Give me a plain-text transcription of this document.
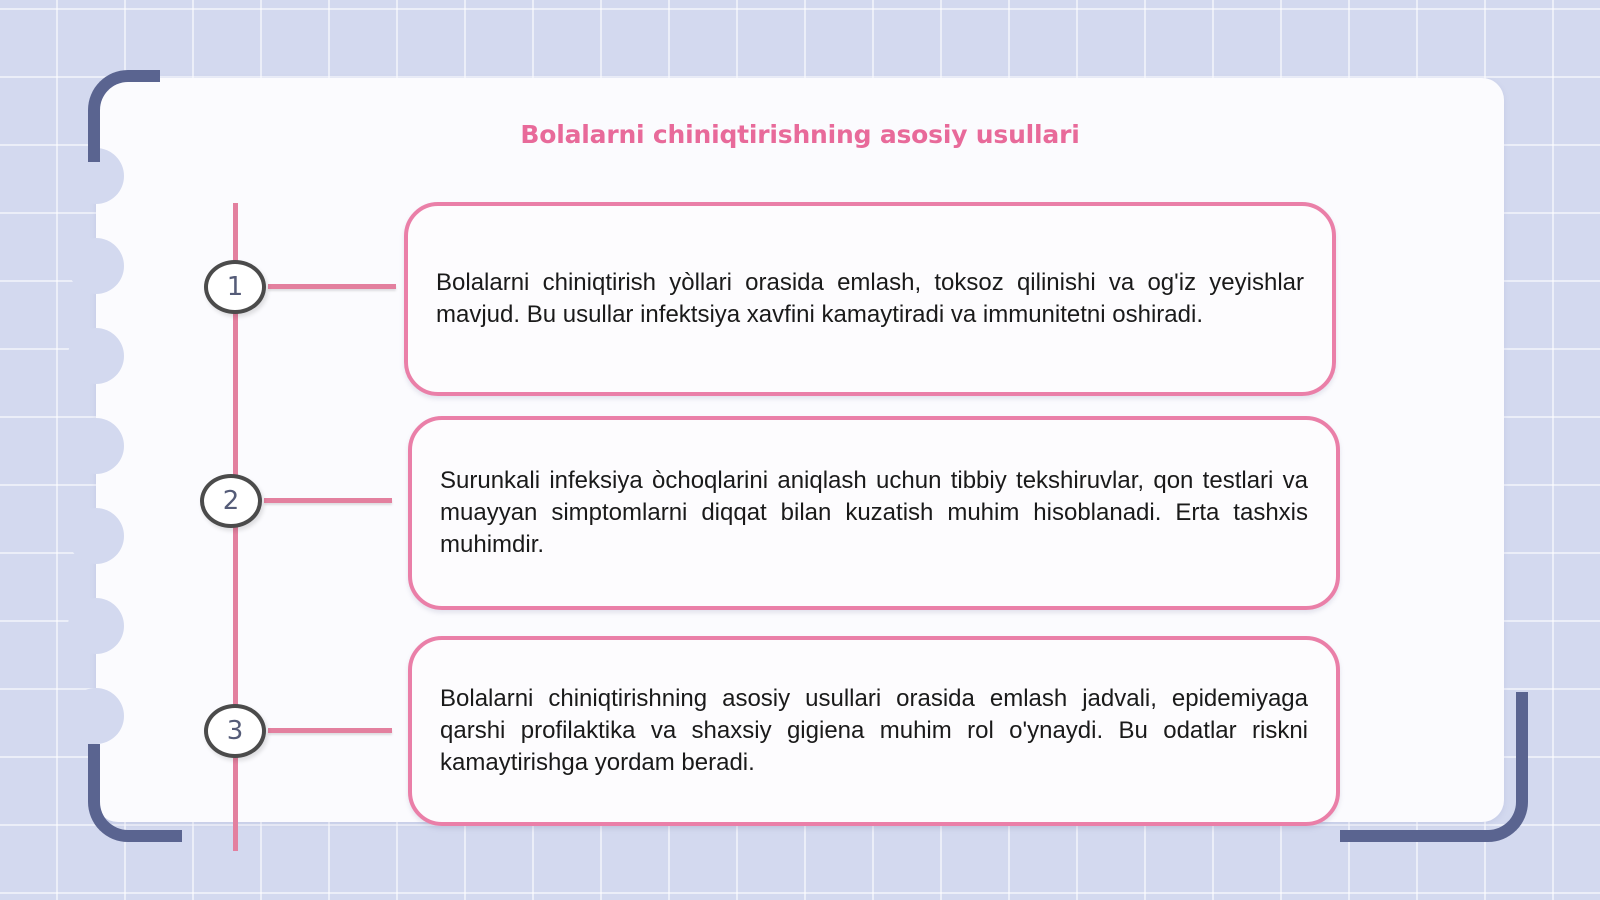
Bolalarni chiniqtirishning asosiy usullari
1	Bolalarni chiniqtirish yòllari orasida emlash, toksoz qilinishi va og'iz yeyishlar mavjud. Bu usullar infektsiya xavfini kamaytiradi va immunitetni oshiradi.

2

Surunkali infeksiya òchoqlarini aniqlash uchun tibbiy tekshiruvlar, qon testlari va muayyan simptomlarni diqqat bilan kuzatish muhim hisoblanadi. Erta tashxis muhimdir.

3

Bolalarni chiniqtirishning asosiy usullari orasida emlash jadvali, epidemiyaga qarshi profilaktika va shaxsiy gigiena muhim rol o'ynaydi. Bu odatlar riskni kamaytirishga yordam beradi.
